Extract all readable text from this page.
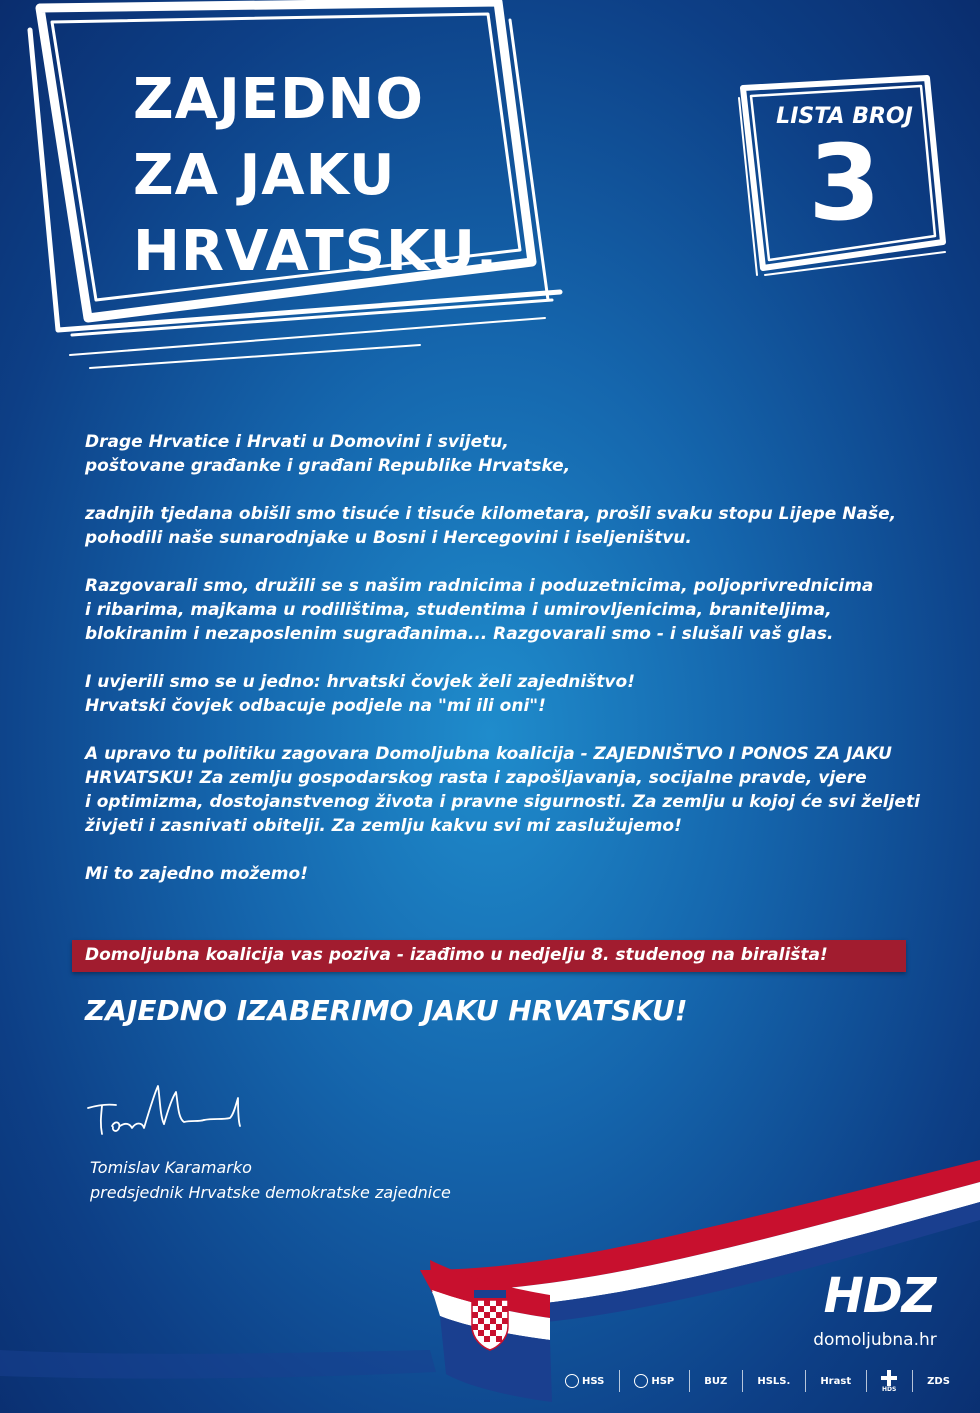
ZAJEDNO
ZA JAKU
HRVATSKU.
LISTA BROJ
3

Drage Hrvatice i Hrvati u Domovini i svijetu,
poštovane građanke i građani Republike Hrvatske,

zadnjih tjedana obišli smo tisuće i tisuće kilometara, prošli svaku stopu Lijepe Naše,
pohodili naše sunarodnjake u Bosni i Hercegovini i iseljeništvu.

Razgovarali smo, družili se s našim radnicima i poduzetnicima, poljoprivrednicima
i ribarima, majkama u rodilištima, studentima i umirovljenicima, braniteljima,
blokiranim i nezaposlenim sugrađanima... Razgovarali smo - i slušali vaš glas.

I uvjerili smo se u jedno: hrvatski čovjek želi zajedništvo!
Hrvatski čovjek odbacuje podjele na "mi ili oni"!

A upravo tu politiku zagovara Domoljubna koalicija - ZAJEDNIŠTVO I PONOS ZA JAKU
HRVATSKU! Za zemlju gospodarskog rasta i zapošljavanja, socijalne pravde, vjere
i optimizma, dostojanstvenog života i pravne sigurnosti. Za zemlju u kojoj će svi željeti
živjeti i zasnivati obitelji. Za zemlju kakvu svi mi zaslužujemo!

Mi to zajedno možemo!

Domoljubna koalicija vas poziva - izađimo u nedjelju 8. studenog na birališta!
ZAJEDNO IZABERIMO JAKU HRVATSKU!
Tomislav Karamarko
predsjednik Hrvatske demokratske zajednice
HDZ
domoljubna.hr
HSS	HSP	BUZ	HSLS.	Hrast
HDS
ZDS
